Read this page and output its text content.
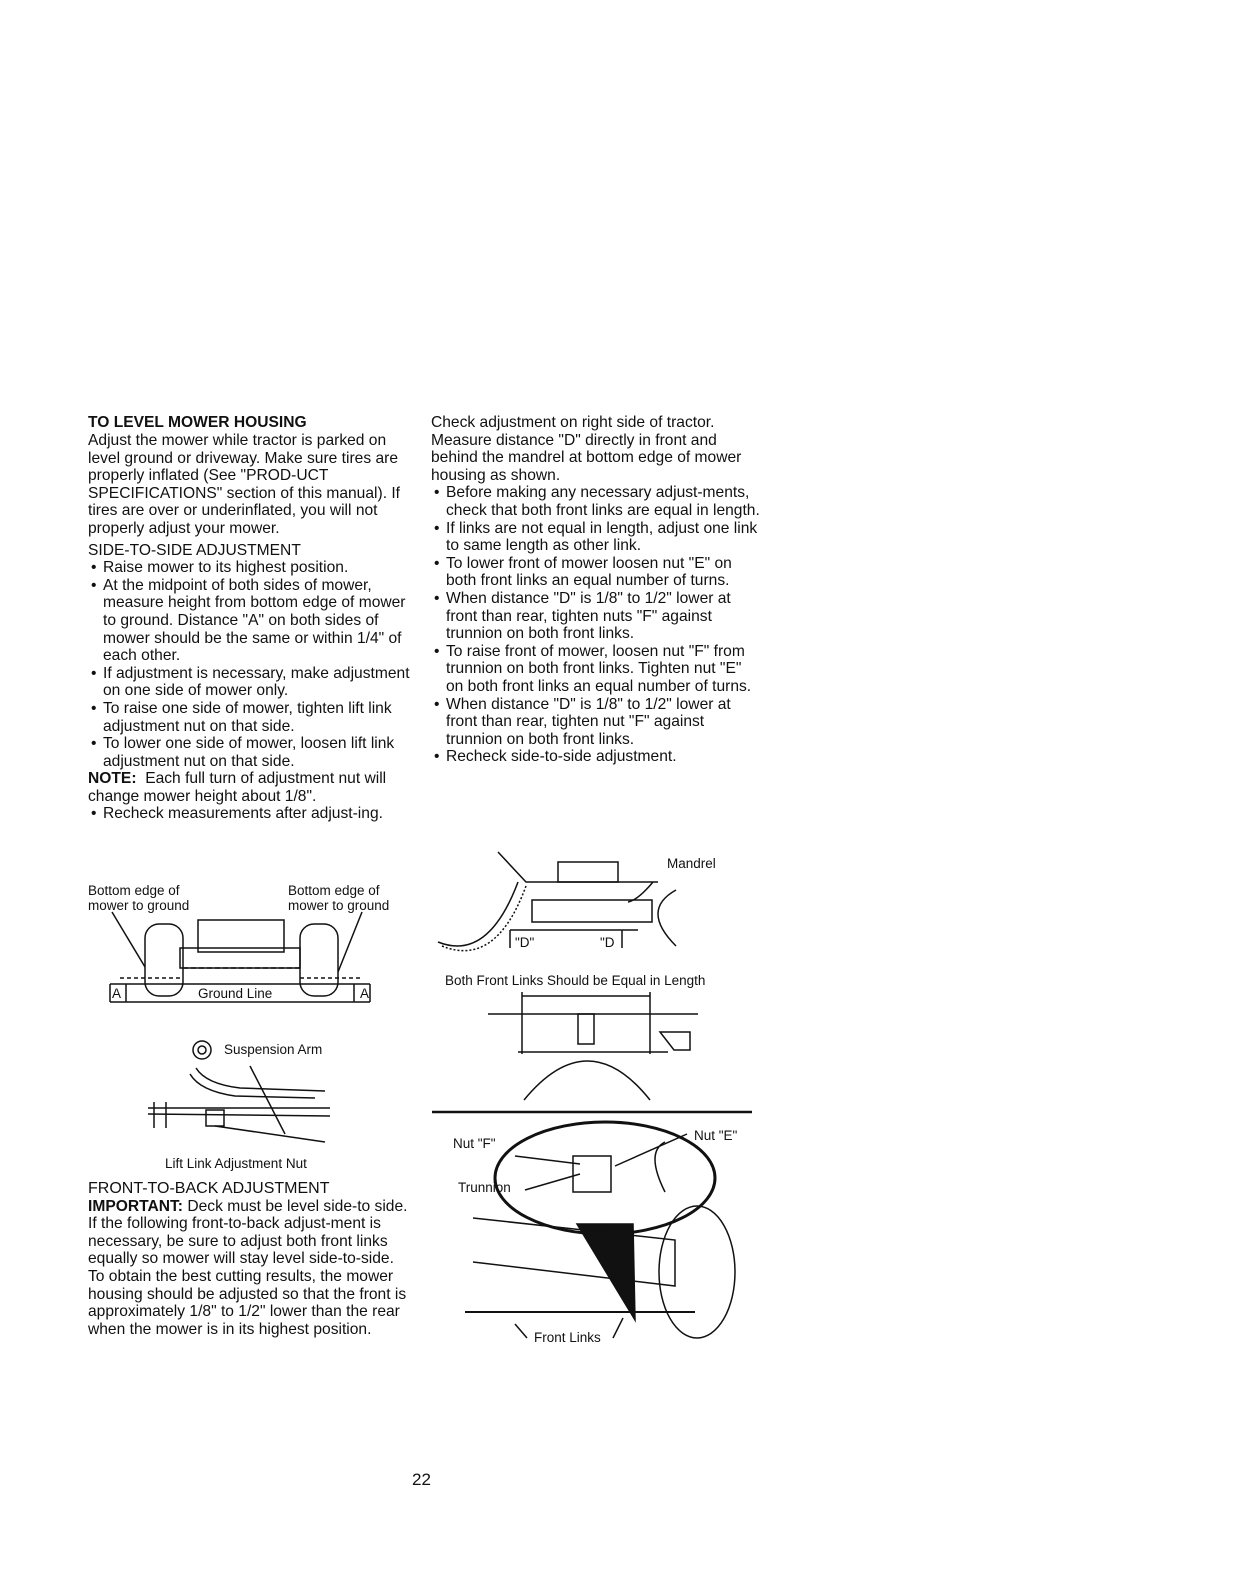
TO LEVEL MOWER HOUSING

Adjust the mower while tractor is parked on level ground or driveway. Make sure tires are properly inflated (See "PROD-UCT SPECIFICATIONS" section of this manual). If tires are over or underinflated, you will not properly adjust your mower.

SIDE-TO-SIDE ADJUSTMENT
• Raise mower to its highest position.
• At the midpoint of both sides of mower, measure height from bottom edge of mower to ground. Distance "A" on both sides of mower should be the same or within 1/4" of each other.
• If adjustment is necessary, make adjustment on one side of mower only.
• To raise one side of mower, tighten lift link adjustment nut on that side.
• To lower one side of mower, loosen lift link adjustment nut on that side.

NOTE: Each full turn of adjustment nut will change mower height about 1/8".

• Recheck measurements after adjust-ing.
Bottom edge of mower to ground
Bottom edge of mower to ground
A	Ground Line	A
Suspension Arm
Lift Link Adjustment Nut
FRONT-TO-BACK ADJUSTMENT

IMPORTANT: Deck must be level side-to side. If the following front-to-back adjust-ment is necessary, be sure to adjust both front links equally so mower will stay level side-to-side.

To obtain the best cutting results, the mower housing should be adjusted so that the front is approximately 1/8" to 1/2" lower than the rear when the mower is in its highest position.

Check adjustment on right side of tractor. Measure distance "D" directly in front and behind the mandrel at bottom edge of mower housing as shown.

• Before making any necessary adjust-ments, check that both front links are equal in length.
• If links are not equal in length, adjust one link to same length as other link.
• To lower front of mower loosen nut "E" on both front links an equal number of turns.
• When distance "D" is 1/8" to 1/2" lower at front than rear, tighten nuts "F" against trunnion on both front links.
• To raise front of mower, loosen nut "F" from trunnion on both front links. Tighten nut "E" on both front links an equal number of turns.
• When distance "D" is 1/8" to 1/2" lower at front than rear, tighten nut "F" against trunnion on both front links.
• Recheck side-to-side adjustment.
Mandrel
"D"	"D
Both Front Links Should be Equal in Length
Nut "F"
Nut "E"
Trunnion
Front Links
22
